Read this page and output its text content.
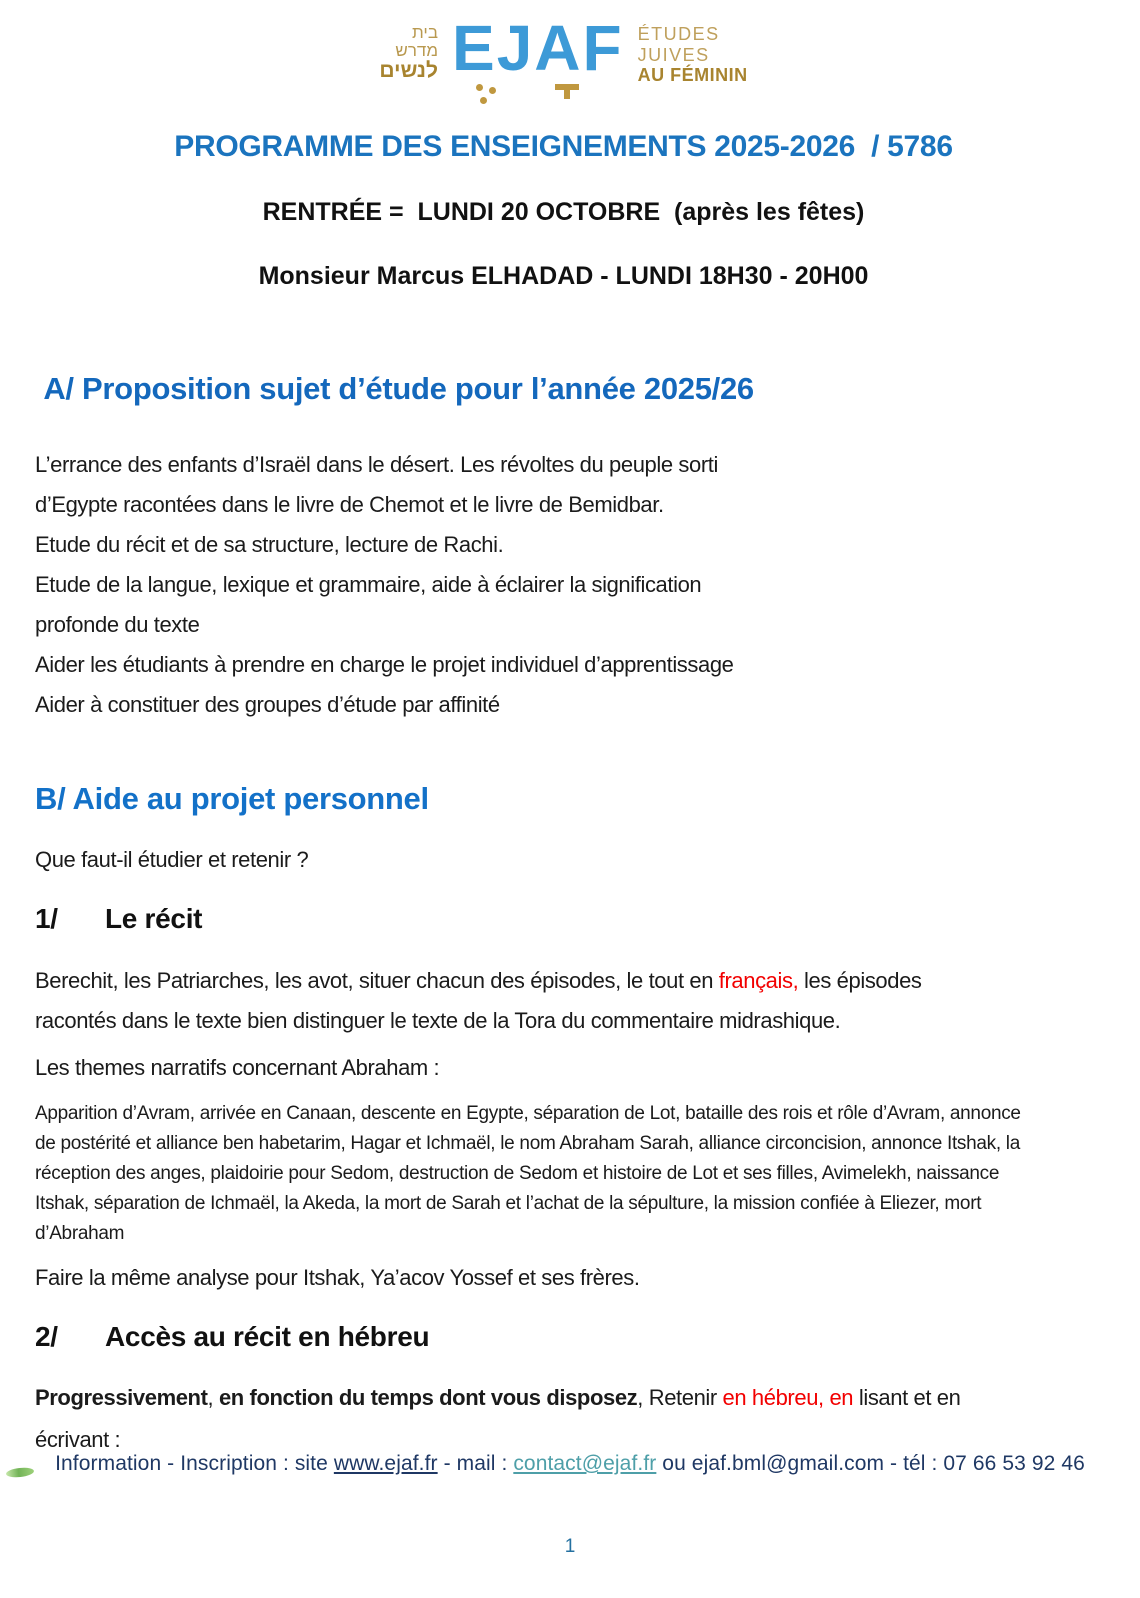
בית
מדרש
לנשים EJAF ÉTUDES
JUIVES
AU FÉMININ
PROGRAMME DES ENSEIGNEMENTS 2025-2026  / 5786
RENTRÉE =  LUNDI 20 OCTOBRE  (après les fêtes)
Monsieur Marcus ELHADAD - LUNDI 18H30 - 20H00
A/ Proposition sujet d’étude pour l’année 2025/26
L’errance des enfants d’Israël dans le désert. Les révoltes du peuple sorti
d’Egypte racontées dans le livre de Chemot et le livre de Bemidbar.
Etude du récit et de sa structure, lecture de Rachi.
Etude de la langue, lexique et grammaire, aide à éclairer la signification
profonde du texte
Aider les étudiants à prendre en charge le projet individuel d’apprentissage
Aider à constituer des groupes d’étude par affinité
B/ Aide au projet personnel
Que faut-il étudier et retenir ?
1/ Le récit
Berechit, les Patriarches, les avot, situer chacun des épisodes, le tout en français, les épisodes
racontés dans le texte bien distinguer le texte de la Tora du commentaire midrashique.
Les themes narratifs concernant Abraham :
Apparition d’Avram, arrivée en Canaan, descente en Egypte, séparation de Lot, bataille des rois et rôle d’Avram, annonce
de postérité et alliance ben habetarim, Hagar et Ichmaël, le nom Abraham Sarah, alliance circoncision, annonce Itshak, la
réception des anges, plaidoirie pour Sedom, destruction de Sedom et histoire de Lot et ses filles, Avimelekh, naissance
Itshak, séparation de Ichmaël, la Akeda, la mort de Sarah et l’achat de la sépulture, la mission confiée à Eliezer, mort
d’Abraham
Faire la même analyse pour Itshak, Ya’acov Yossef et ses frères.
2/ Accès au récit en hébreu
Progressivement, en fonction du temps dont vous disposez, Retenir en hébreu, en lisant et en
écrivant :
Information - Inscription : site www.ejaf.fr - mail : contact@ejaf.fr ou ejaf.bml@gmail.com - tél : 07 66 53 92 46
1
